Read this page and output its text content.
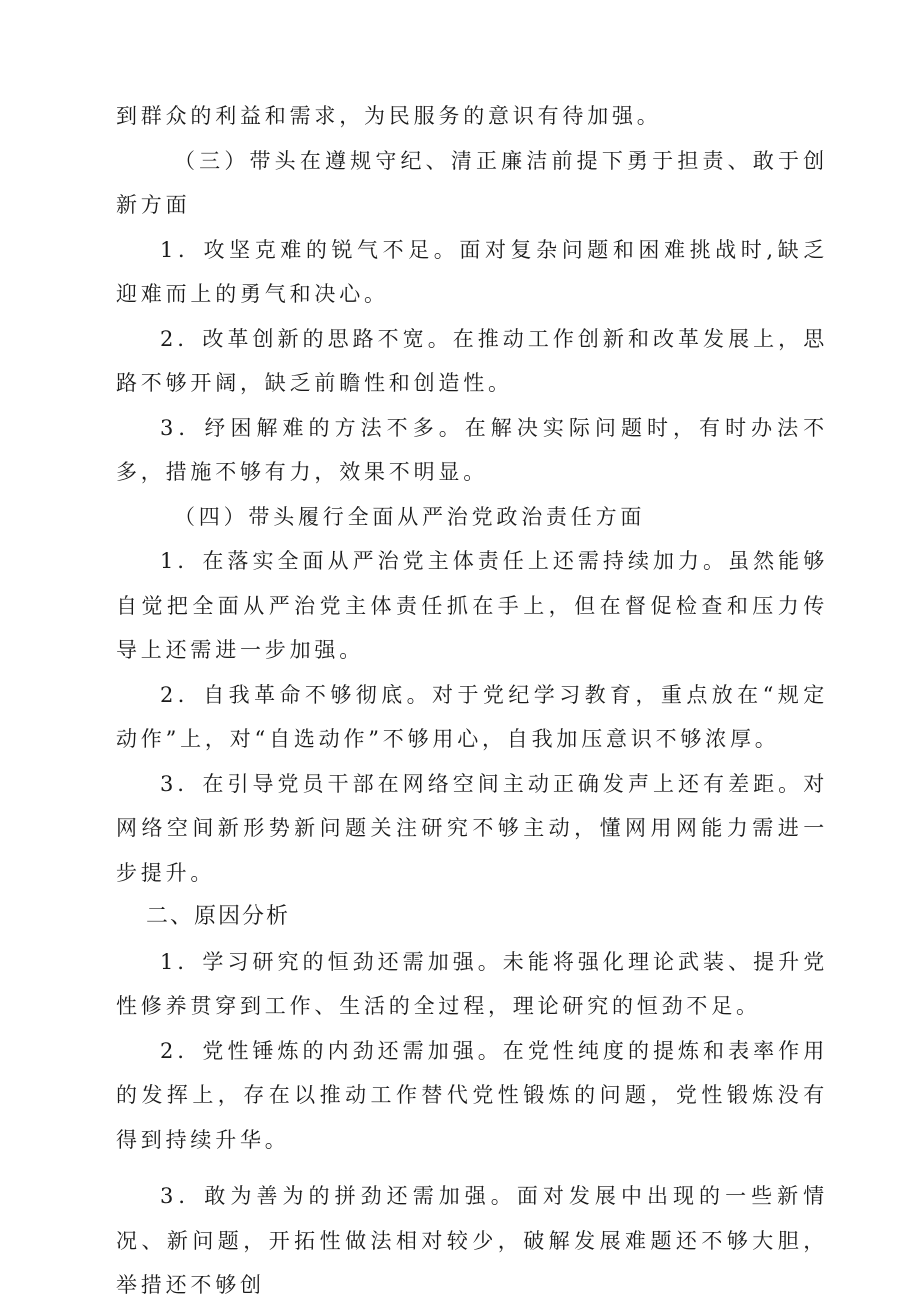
到群众的利益和需求，为民服务的意识有待加强。

（三）带头在遵规守纪、清正廉洁前提下勇于担责、敢于创新方面

1．攻坚克难的锐气不足。面对复杂问题和困难挑战时,缺乏迎难而上的勇气和决心。

2．改革创新的思路不宽。在推动工作创新和改革发展上，思路不够开阔，缺乏前瞻性和创造性。

3．纾困解难的方法不多。在解决实际问题时，有时办法不多，措施不够有力，效果不明显。

（四）带头履行全面从严治党政治责任方面

1．在落实全面从严治党主体责任上还需持续加力。虽然能够自觉把全面从严治党主体责任抓在手上，但在督促检查和压力传导上还需进一步加强。

2．自我革命不够彻底。对于党纪学习教育，重点放在“规定动作”上，对“自选动作”不够用心，自我加压意识不够浓厚。

3．在引导党员干部在网络空间主动正确发声上还有差距。对网络空间新形势新问题关注研究不够主动，懂网用网能力需进一步提升。

二、原因分析

1．学习研究的恒劲还需加强。未能将强化理论武装、提升党性修养贯穿到工作、生活的全过程，理论研究的恒劲不足。

2．党性锤炼的内劲还需加强。在党性纯度的提炼和表率作用的发挥上，存在以推动工作替代党性锻炼的问题，党性锻炼没有得到持续升华。

3．敢为善为的拼劲还需加强。面对发展中出现的一些新情况、新问题，开拓性做法相对较少，破解发展难题还不够大胆，举措还不够创
